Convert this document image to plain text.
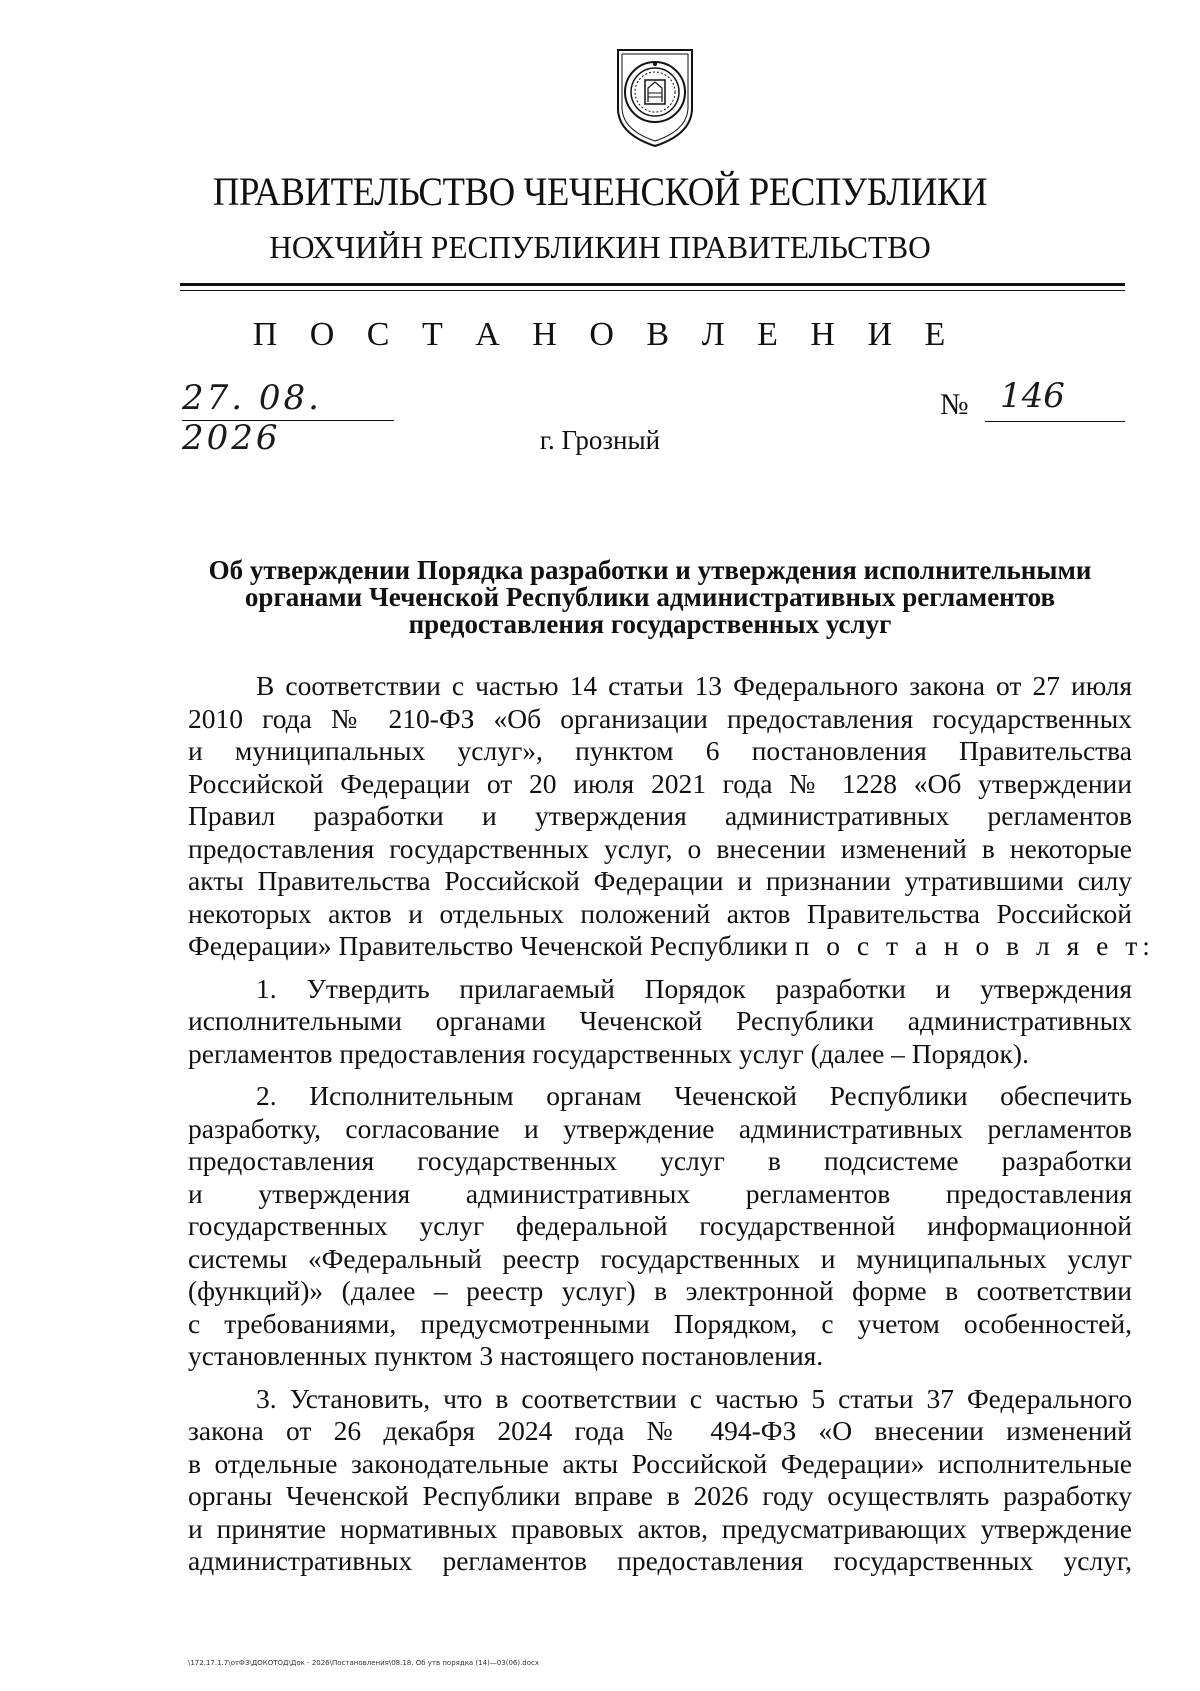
ПРАВИТЕЛЬСТВО ЧЕЧЕНСКОЙ РЕСПУБЛИКИ
НОХЧИЙН РЕСПУБЛИКИН ПРАВИТЕЛЬСТВО
П О С Т А Н О В Л Е Н И Е
27. 08. 2026
№ 146
г. Грозный
Об утверждении Порядка разработки и утверждения исполнительными
органами Чеченской Республики административных регламентов
предоставления государственных услуг
В соответствии с частью 14 статьи 13 Федерального закона от 27 июля
2010 года № 210-ФЗ «Об организации предоставления государственных
и муниципальных услуг», пунктом 6 постановления Правительства
Российской Федерации от 20 июля 2021 года № 1228 «Об утверждении
Правил разработки и утверждения административных регламентов
предоставления государственных услуг, о внесении изменений в некоторые
акты Правительства Российской Федерации и признании утратившими силу
некоторых актов и отдельных положений актов Правительства Российской
Федерации» Правительство Чеченской Республики п о с т а н о в л я е т:
1. Утвердить прилагаемый Порядок разработки и утверждения
исполнительными органами Чеченской Республики административных
регламентов предоставления государственных услуг (далее – Порядок).
2. Исполнительным органам Чеченской Республики обеспечить
разработку, согласование и утверждение административных регламентов
предоставления государственных услуг в подсистеме разработки
и утверждения административных регламентов предоставления
государственных услуг федеральной государственной информационной
системы «Федеральный реестр государственных и муниципальных услуг
(функций)» (далее – реестр услуг) в электронной форме в соответствии
с требованиями, предусмотренными Порядком, с учетом особенностей,
установленных пунктом 3 настоящего постановления.
3. Установить, что в соответствии с частью 5 статьи 37 Федерального
закона от 26 декабря 2024 года № 494-ФЗ «О внесении изменений
в отдельные законодательные акты Российской Федерации» исполнительные
органы Чеченской Республики вправе в 2026 году осуществлять разработку
и принятие нормативных правовых актов, предусматривающих утверждение
административных регламентов предоставления государственных услуг,
\172.17.1.7\отФЗ\ДОКОТОД\Док - 2026\Постановления\08.18. Об утв порядка (14)—03(06).docx
